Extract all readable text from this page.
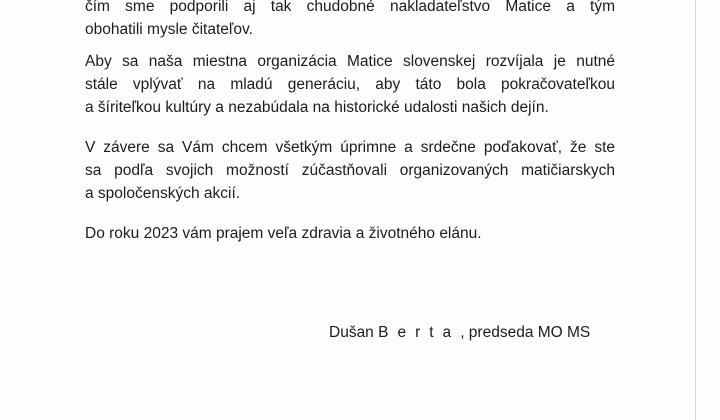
čím sme podporili aj tak chudobné nakladateľstvo Matice a tým

obohatili mysle čitateľov.

Aby sa naša miestna organizácia Matice slovenskej rozvíjala je nutné

stále vplývať na mladú generáciu, aby táto bola pokračovateľkou

a šíriteľkou kultúry a nezabúdala na historické udalosti našich dejín.

V závere sa Vám chcem všetkým úprimne a srdečne poďakovať, že ste

sa podľa svojich možností zúčastňovali organizovaných matičiarskych

a spoločenských akcií.

Do roku 2023 vám prajem veľa zdravia a životného elánu.

Dušan Berta, predseda MO MS
